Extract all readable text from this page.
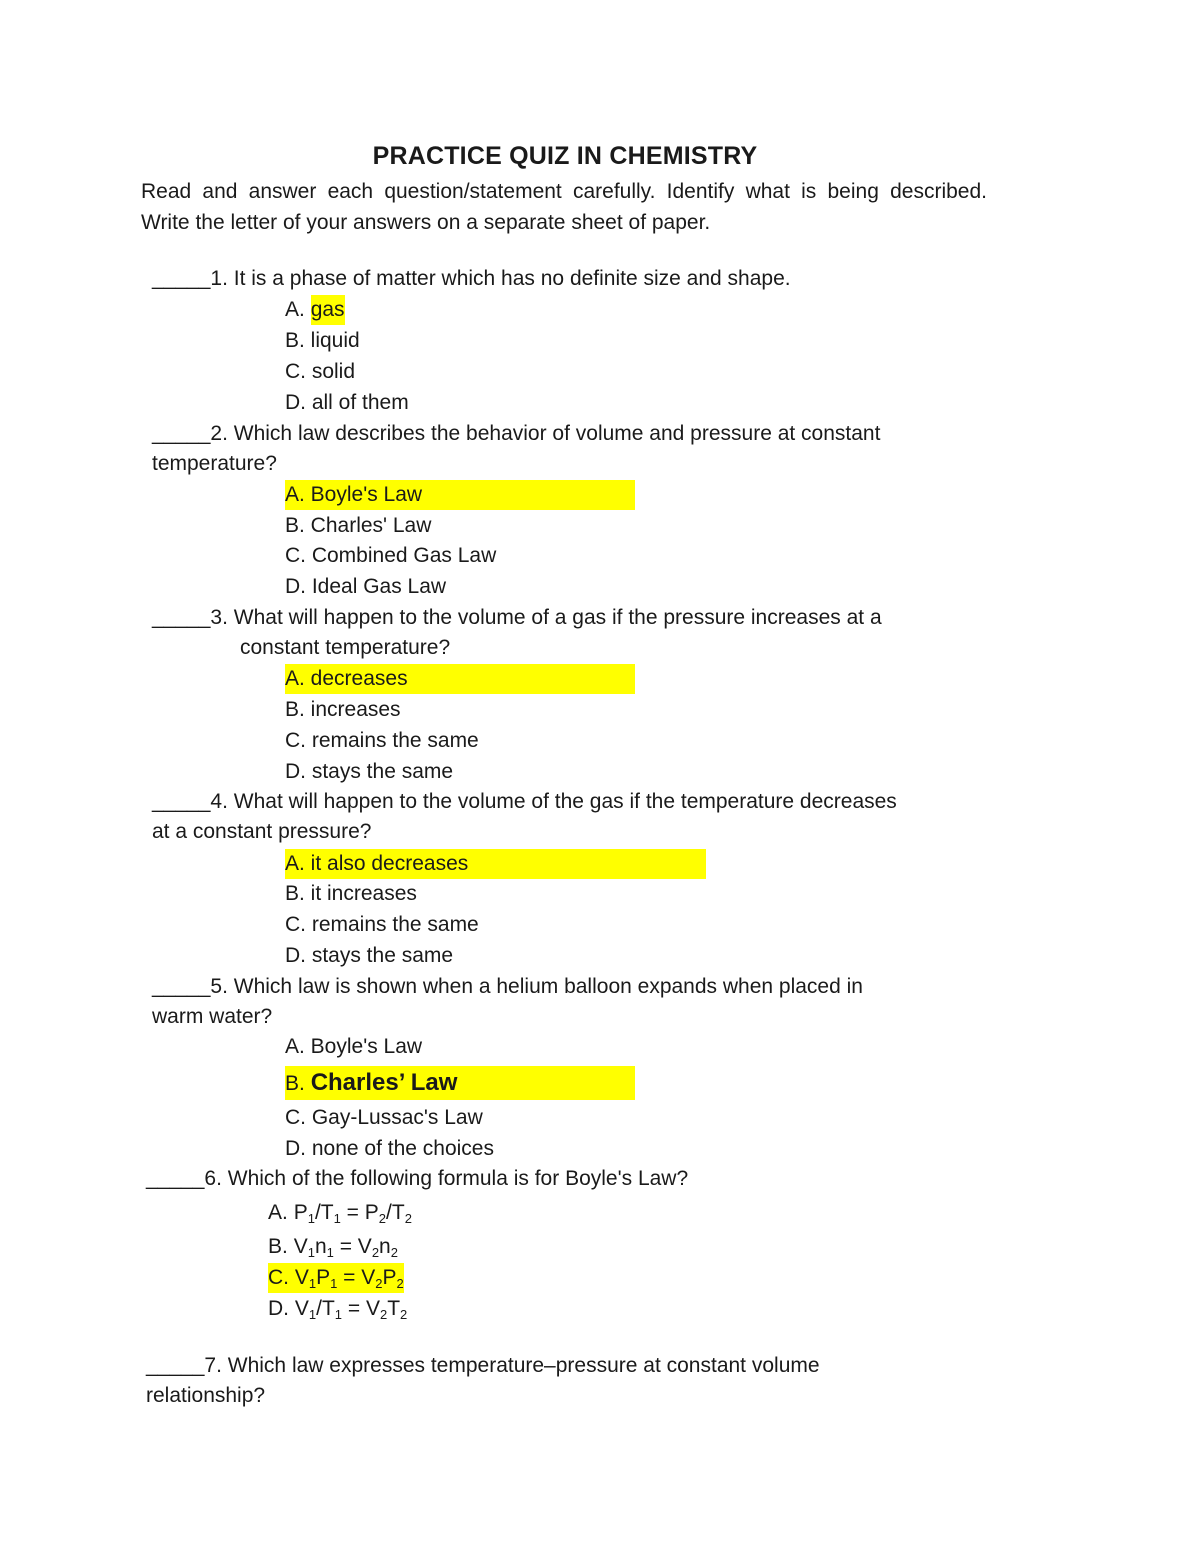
PRACTICE QUIZ IN CHEMISTRY
Read and answer each question/statement carefully. Identify what is being described. Write the letter of your answers on a separate sheet of paper.
_____1. It is a phase of matter which has no definite size and shape.
A. gas
B. liquid
C. solid
D. all of them
_____2. Which law describes the behavior of volume and pressure at constant
temperature?
A. Boyle's Law
B. Charles' Law
C. Combined Gas Law
D. Ideal Gas Law
_____3. What will happen to the volume of a gas if the pressure increases at a
constant temperature?
A. decreases
B. increases
C. remains the same
D. stays the same
_____4. What will happen to the volume of the gas if the temperature decreases
at a constant pressure?
A. it also decreases
B. it increases
C. remains the same
D. stays the same
_____5. Which law is shown when a helium balloon expands when placed in
warm water?
A. Boyle's Law
B. Charles’ Law
C. Gay-Lussac's Law
D. none of the choices
_____6. Which of the following formula is for Boyle's Law?
A. $P_1/T_1 = P_2/T_2$
B. $V_1n_1 = V_2n_2$
C. $V_1P_1 = V_2P_2$
D. $V_1/T_1 = V_2T_2$
_____7. Which law expresses temperature–pressure at constant volume
relationship?
